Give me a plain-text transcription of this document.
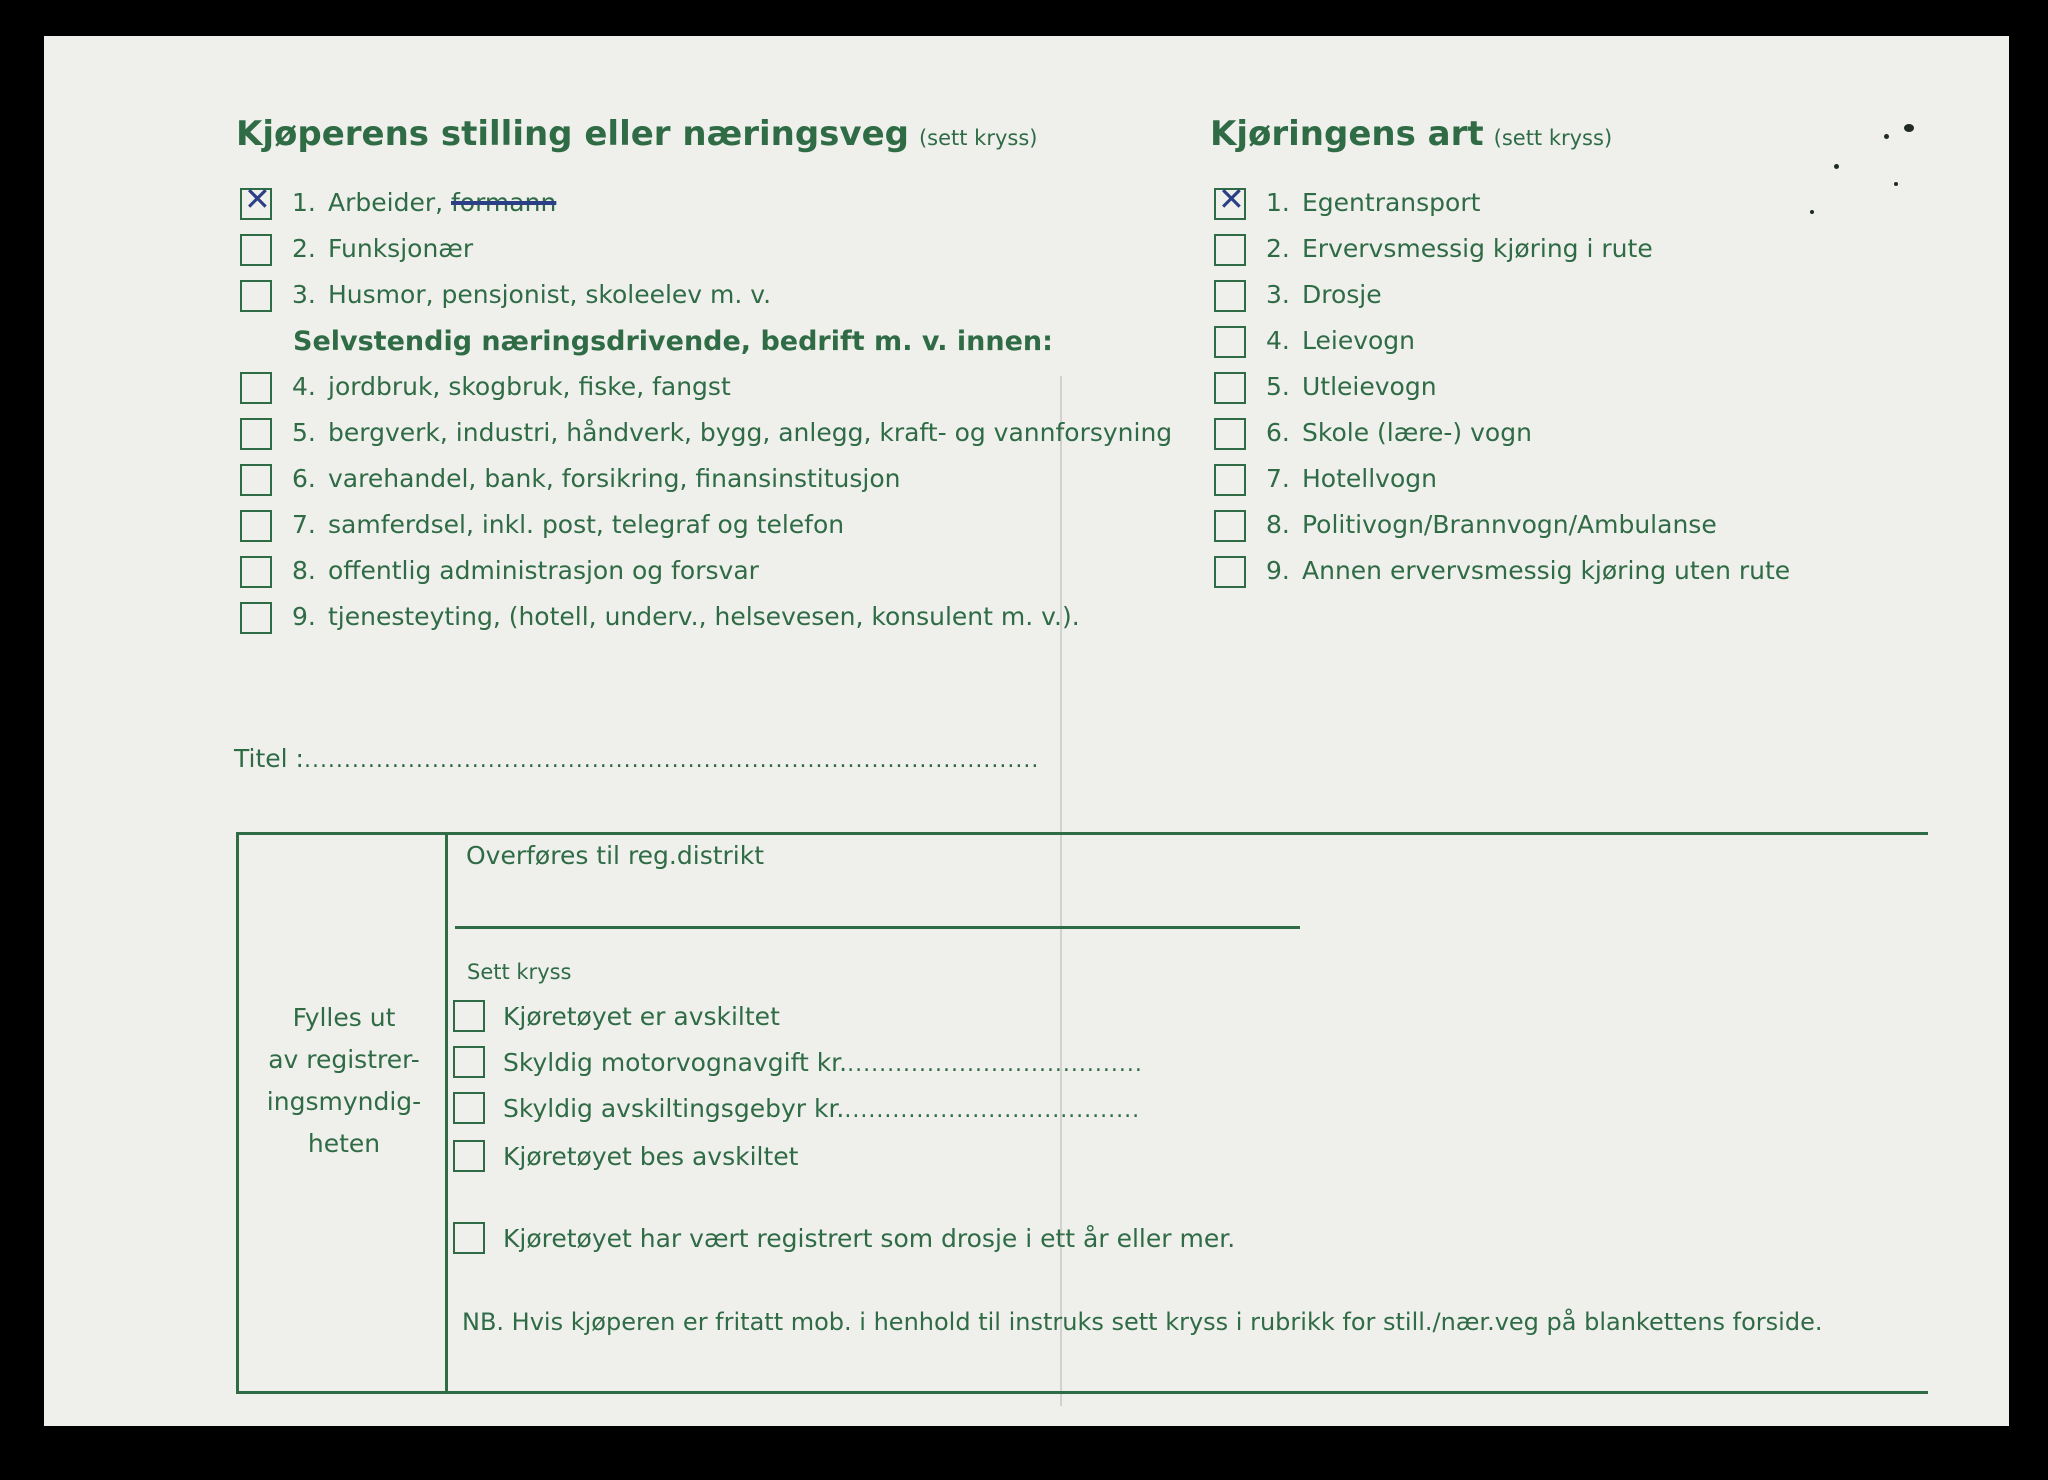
Kjøperens stilling eller næringsveg (sett kryss)
✕ 1. Arbeider, formann
2. Funksjonær
3. Husmor, pensjonist, skoleelev m. v.
Selvstendig næringsdrivende, bedrift m. v. innen:
4. jordbruk, skogbruk, fiske, fangst
5. bergverk, industri, håndverk, bygg, anlegg, kraft- og vannforsyning
6. varehandel, bank, forsikring, finansinstitusjon
7. samferdsel, inkl. post, telegraf og telefon
8. offentlig administrasjon og forsvar
9. tjenesteyting, (hotell, underv., helsevesen, konsulent m. v.).
Kjøringens art (sett kryss)
✕ 1. Egentransport
2. Ervervsmessig kjøring i rute
3. Drosje
4. Leievogn
5. Utleievogn
6. Skole (lære-) vogn
7. Hotellvogn
8. Politivogn/Brannvogn/Ambulanse
9. Annen ervervsmessig kjøring uten rute
Titel :............................................................................................
Fylles ut
av registrer-
ingsmyndig-
heten
Overføres til reg.distrikt
Sett kryss
Kjøretøyet er avskiltet
Skyldig motorvognavgift kr......................................
Skyldig avskiltingsgebyr kr......................................
Kjøretøyet bes avskiltet
Kjøretøyet har vært registrert som drosje i ett år eller mer.
NB. Hvis kjøperen er fritatt mob. i henhold til instruks sett kryss i rubrikk for still./nær.veg på blankettens forside.
